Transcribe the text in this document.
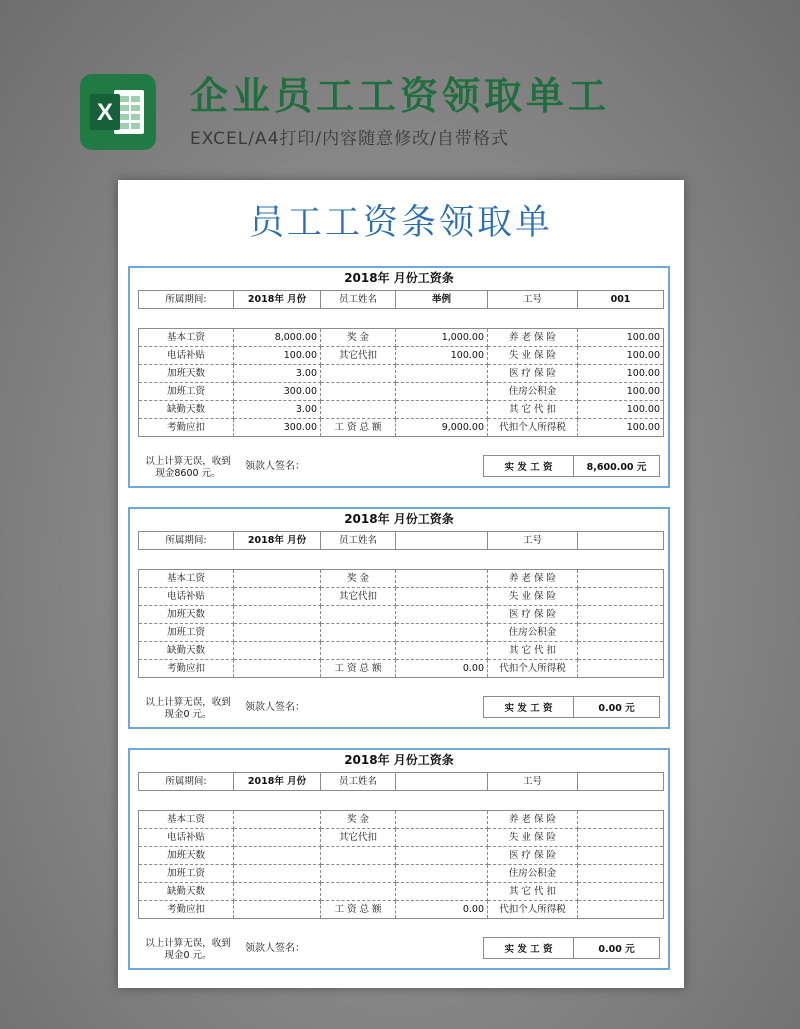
X 企业员工工资领取单工
EXCEL/A4打印/内容随意修改/自带格式
员工工资条领取单
2018年 月份工资条
所属期间:	2018年 月份	员工姓名	举例	工号	001
基本工资	8,000.00	奖 金	1,000.00	养 老 保 险	100.00
电话补贴	100.00	其它代扣	100.00	失 业 保 险	100.00
加班天数	3.00			医 疗 保 险	100.00
加班工资	300.00			住房公积金	100.00
缺勤天数	3.00			其 它 代 扣	100.00
考勤应扣	300.00	工 资 总 额	9,000.00	代扣个人所得税	100.00
以上计算无误，收到现金8600 元。
领款人签名：	实 发 工 资	8,600.00 元
2018年 月份工资条
所属期间:	2018年 月份	员工姓名		工号	
基本工资		奖 金		养 老 保 险	
电话补贴		其它代扣		失 业 保 险	
加班天数				医 疗 保 险	
加班工资				住房公积金	
缺勤天数				其 它 代 扣	
考勤应扣		工 资 总 额	0.00	代扣个人所得税	
以上计算无误，收到现金0 元。
领款人签名：	实 发 工 资	0.00 元
2018年 月份工资条
所属期间:	2018年 月份	员工姓名		工号	
基本工资		奖 金		养 老 保 险	
电话补贴		其它代扣		失 业 保 险	
加班天数				医 疗 保 险	
加班工资				住房公积金	
缺勤天数				其 它 代 扣	
考勤应扣		工 资 总 额	0.00	代扣个人所得税	
以上计算无误，收到现金0 元。
领款人签名：	实 发 工 资	0.00 元
